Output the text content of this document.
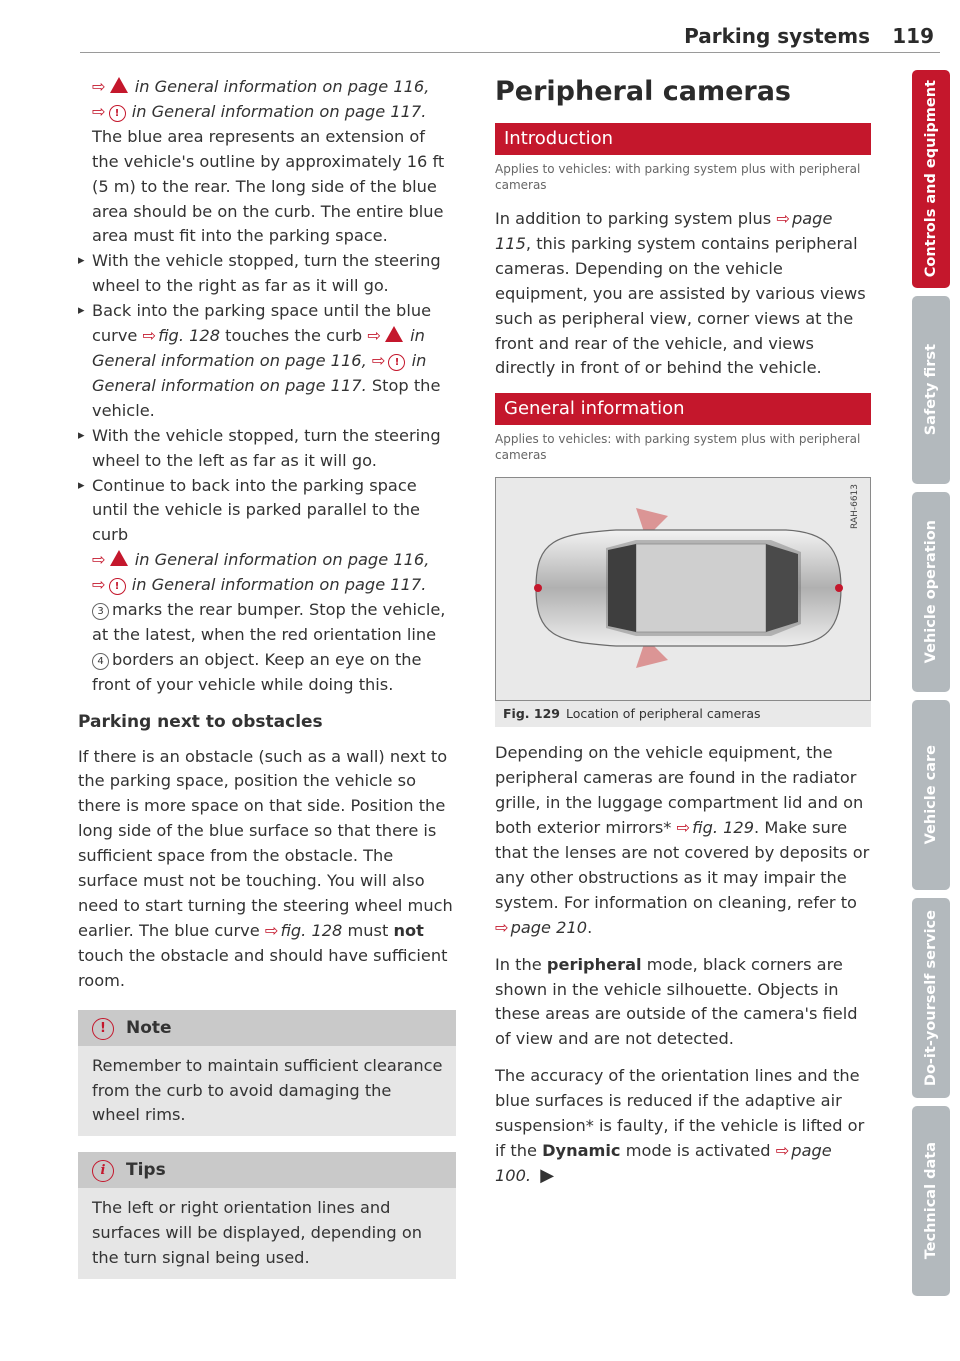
Parking systems 119
⇨ in General information on page 116,
⇨ ! in General information on page 117.
The blue area represents an extension of the vehicle's outline by approximately 16 ft (5 m) to the rear. The long side of the blue area should be on the curb. The entire blue area must fit into the parking space.
▸ With the vehicle stopped, turn the steering wheel to the right as far as it will go.
▸ Back into the parking space until the blue curve ⇨ fig. 128 touches the curb ⇨ in General information on page 116, ⇨ ! in General information on page 117. Stop the vehicle.
▸ With the vehicle stopped, turn the steering wheel to the left as far as it will go.
▸ Continue to back into the parking space until the vehicle is parked parallel to the curb
⇨ in General information on page 116,
⇨ ! in General information on page 117.
3 marks the rear bumper. Stop the vehicle, at the latest, when the red orientation line 4 borders an object. Keep an eye on the front of your vehicle while doing this.
Parking next to obstacles
If there is an obstacle (such as a wall) next to the parking space, position the vehicle so there is more space on that side. Position the long side of the blue surface so that there is sufficient space from the obstacle. The surface must not be touching. You will also need to start turning the steering wheel much earlier. The blue curve ⇨ fig. 128 must not touch the obstacle and should have sufficient room.
! Note
Remember to maintain sufficient clearance from the curb to avoid damaging the wheel rims.
i Tips
The left or right orientation lines and surfaces will be displayed, depending on the turn signal being used.
Peripheral cameras
Introduction
Applies to vehicles: with parking system plus with peripheral cameras
In addition to parking system plus ⇨ page 115, this parking system contains peripheral cameras. Depending on the vehicle equipment, you are assisted by various views such as peripheral view, corner views at the front and rear of the vehicle, and views directly in front of or behind the vehicle.
General information
Applies to vehicles: with parking system plus with peripheral cameras
RAH-6613
Fig. 129 Location of peripheral cameras
Depending on the vehicle equipment, the peripheral cameras are found in the radiator grille, in the luggage compartment lid and on both exterior mirrors* ⇨ fig. 129. Make sure that the lenses are not covered by deposits or any other obstructions as it may impair the system. For information on cleaning, refer to ⇨ page 210.
In the peripheral mode, black corners are shown in the vehicle silhouette. Objects in these areas are outside of the camera's field of view and are not detected.
The accuracy of the orientation lines and the blue surfaces is reduced if the adaptive air suspension* is faulty, if the vehicle is lifted or if the Dynamic mode is activated ⇨ page 100. ▶
Controls and equipment
Safety first
Vehicle operation
Vehicle care
Do-it-yourself service
Technical data
